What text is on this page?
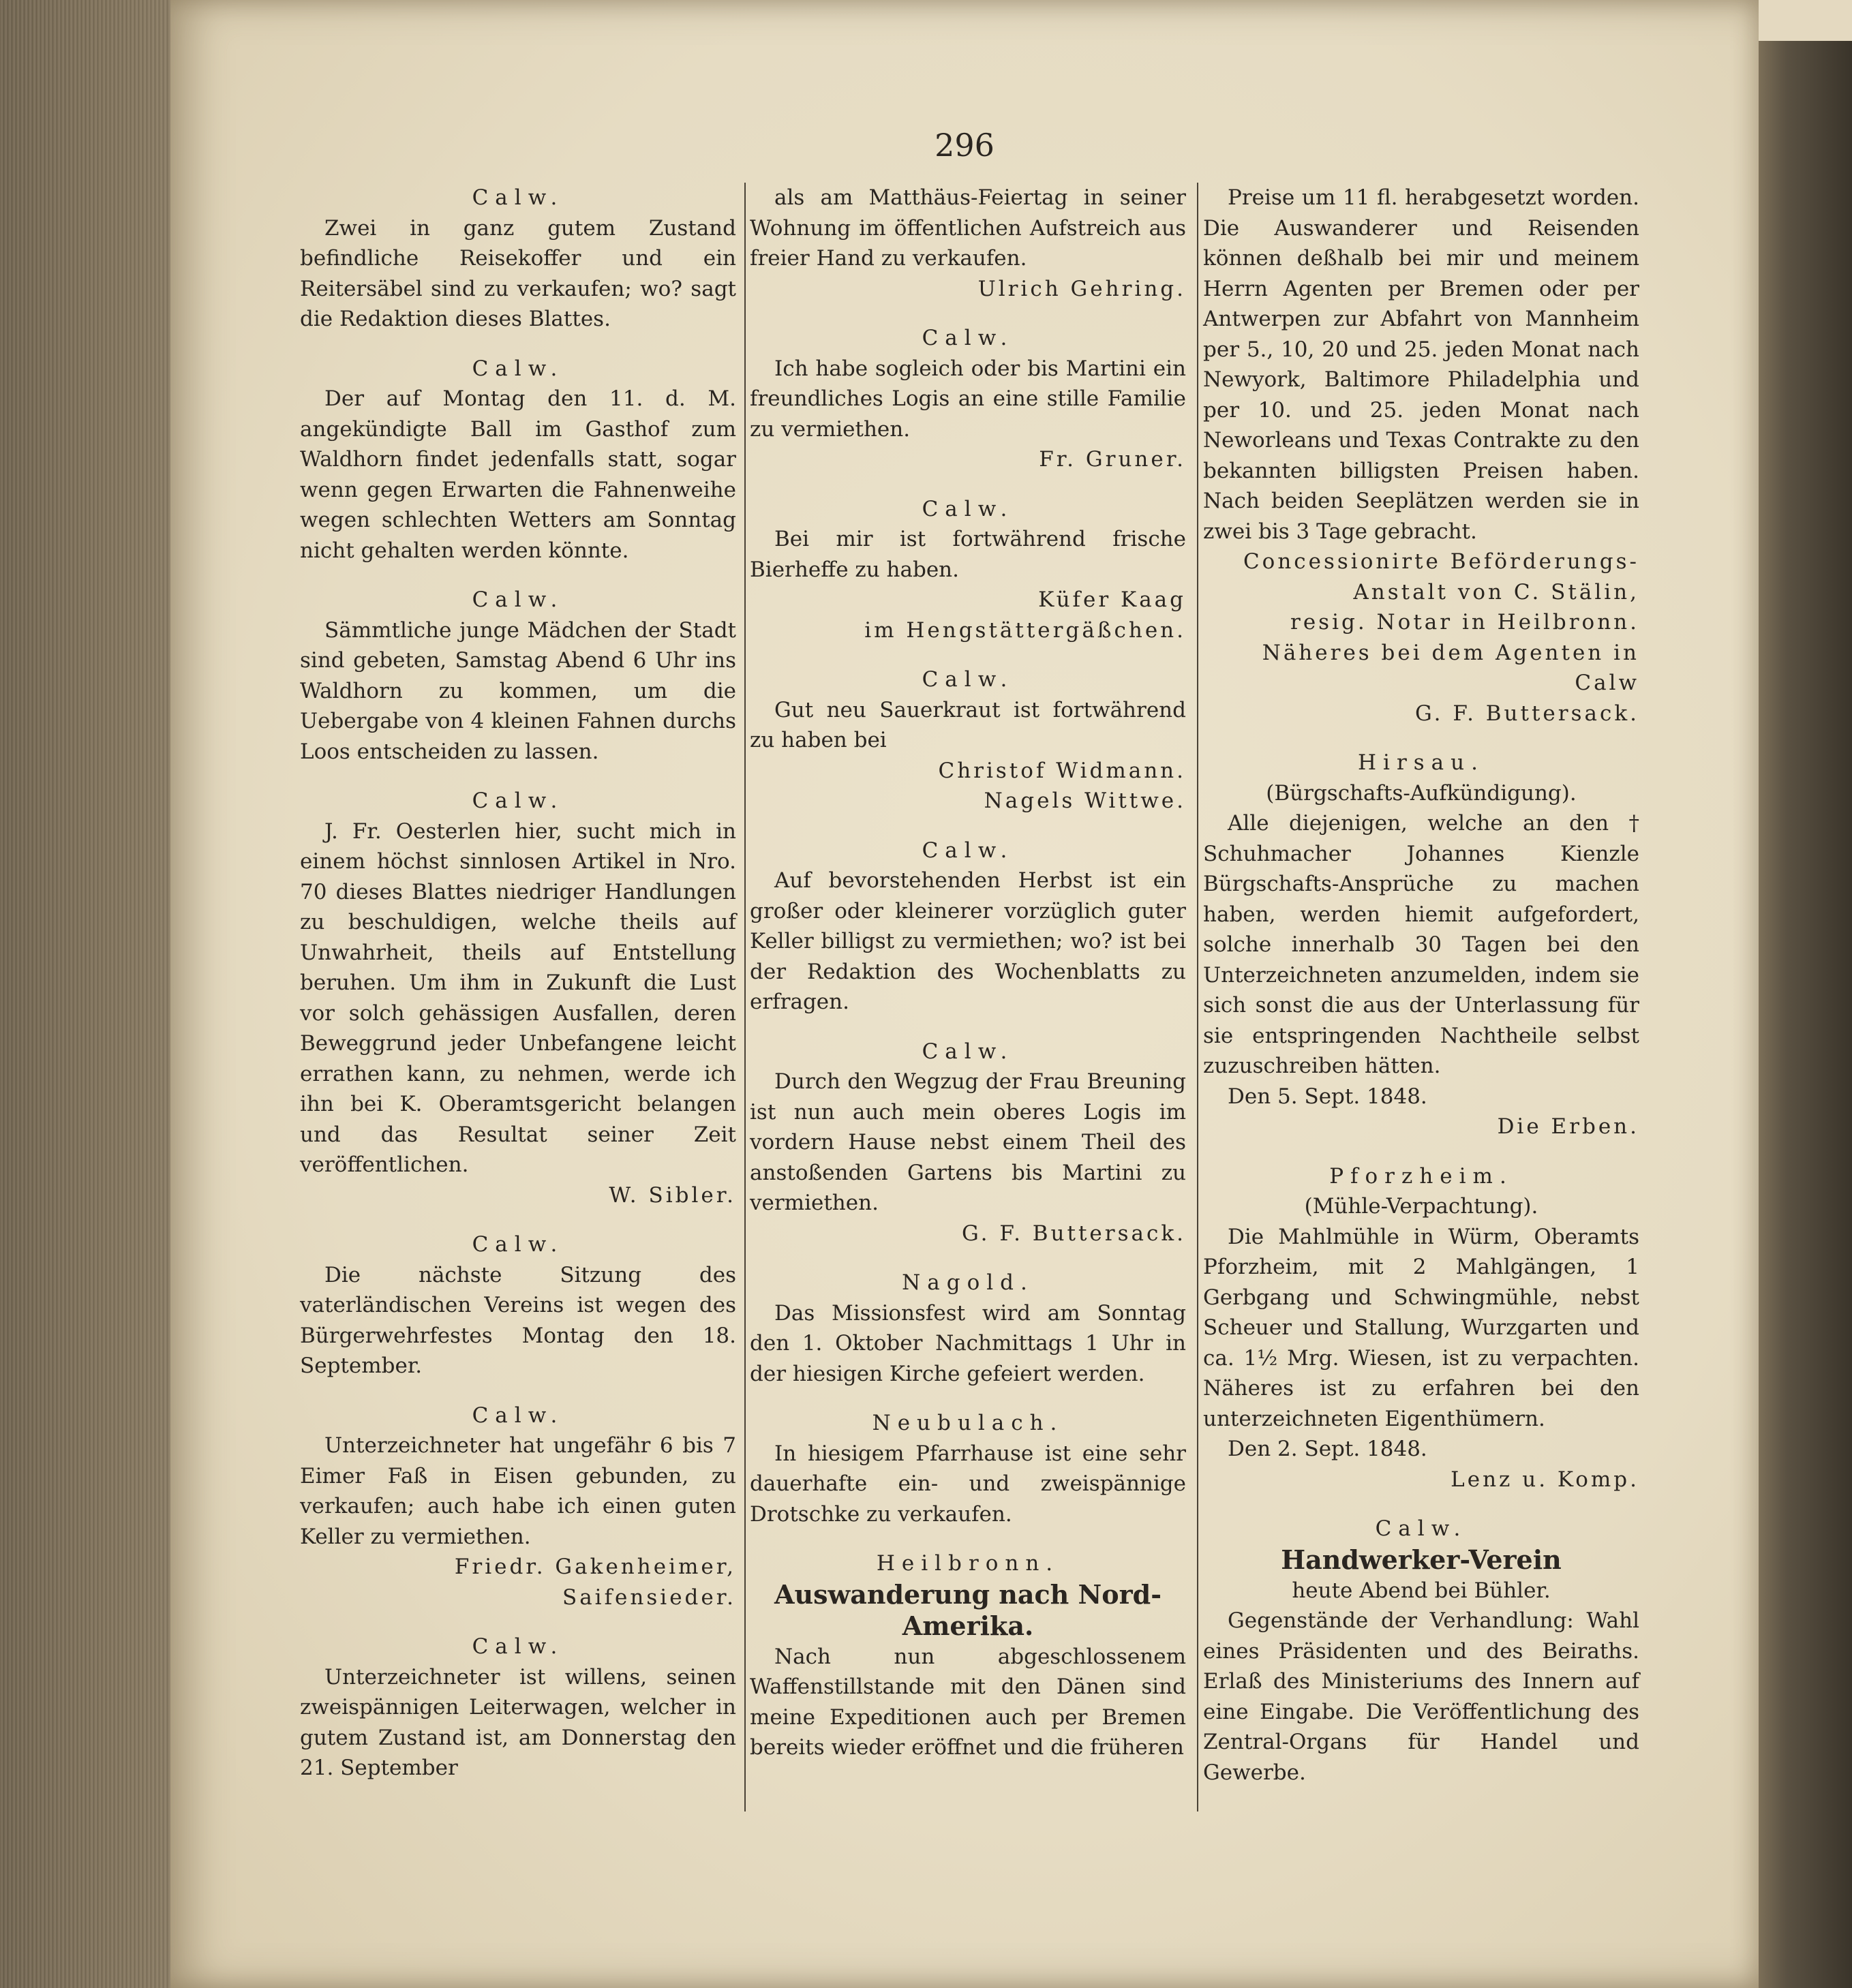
296

Calw.

Zwei in ganz gutem Zustand befindliche Reisekoffer und ein Reitersäbel sind zu verkaufen; wo? sagt die Redaktion dieses Blattes.

Calw.

Der auf Montag den 11. d. M. angekündigte Ball im Gasthof zum Waldhorn findet jedenfalls statt, sogar wenn gegen Erwarten die Fahnenweihe wegen schlechten Wetters am Sonntag nicht gehalten werden könnte.

Calw.

Sämmtliche junge Mädchen der Stadt sind gebeten, Samstag Abend 6 Uhr ins Waldhorn zu kommen, um die Uebergabe von 4 kleinen Fahnen durchs Loos entscheiden zu lassen.

Calw.

J. Fr. Oesterlen hier, sucht mich in einem höchst sinnlosen Artikel in Nro. 70 dieses Blattes niedriger Handlungen zu beschuldigen, welche theils auf Unwahrheit, theils auf Entstellung beruhen. Um ihm in Zukunft die Lust vor solch gehässigen Ausfallen, deren Beweggrund jeder Unbefangene leicht errathen kann, zu nehmen, werde ich ihn bei K. Oberamtsgericht belangen und das Resultat seiner Zeit veröffentlichen.

W. Sibler.

Calw.

Die nächste Sitzung des vaterländischen Vereins ist wegen des Bürgerwehrfestes Montag den 18. September.

Calw.

Unterzeichneter hat ungefähr 6 bis 7 Eimer Faß in Eisen gebunden, zu verkaufen; auch habe ich einen guten Keller zu vermiethen.

Friedr. Gakenheimer,

Saifensieder.

Calw.

Unterzeichneter ist willens, seinen zweispännigen Leiterwagen, welcher in gutem Zustand ist, am Donnerstag den 21. September

als am Matthäus-Feiertag in seiner Wohnung im öffentlichen Aufstreich aus freier Hand zu verkaufen.

Ulrich Gehring.

Calw.

Ich habe sogleich oder bis Martini ein freundliches Logis an eine stille Familie zu vermiethen.

Fr. Gruner.

Calw.

Bei mir ist fortwährend frische Bierheffe zu haben.

Küfer Kaag

im Hengstättergäßchen.

Calw.

Gut neu Sauerkraut ist fortwährend zu haben bei

Christof Widmann.

Nagels Wittwe.

Calw.

Auf bevorstehenden Herbst ist ein großer oder kleinerer vorzüglich guter Keller billigst zu vermiethen; wo? ist bei der Redaktion des Wochenblatts zu erfragen.

Calw.

Durch den Wegzug der Frau Breuning ist nun auch mein oberes Logis im vordern Hause nebst einem Theil des anstoßenden Gartens bis Martini zu vermiethen.

G. F. Buttersack.

Nagold.

Das Missionsfest wird am Sonntag den 1. Oktober Nachmittags 1 Uhr in der hiesigen Kirche gefeiert werden.

Neubulach.

In hiesigem Pfarrhause ist eine sehr dauerhafte ein- und zweispännige Drotschke zu verkaufen.

Heilbronn.

Auswanderung nach Nord-Amerika.

Nach nun abgeschlossenem Waffenstillstande mit den Dänen sind meine Expeditionen auch per Bremen bereits wieder eröffnet und die früheren

Preise um 11 fl. herabgesetzt worden. Die Auswanderer und Reisenden können deßhalb bei mir und meinem Herrn Agenten per Bremen oder per Antwerpen zur Abfahrt von Mannheim per 5., 10, 20 und 25. jeden Monat nach Newyork, Baltimore Philadelphia und per 10. und 25. jeden Monat nach Neworleans und Texas Contrakte zu den bekannten billigsten Preisen haben. Nach beiden Seeplätzen werden sie in zwei bis 3 Tage gebracht.

Concessionirte Beförderungs-

Anstalt von C. Stälin,

resig. Notar in Heilbronn.

Näheres bei dem Agenten in Calw

G. F. Buttersack.

Hirsau.

(Bürgschafts-Aufkündigung).

Alle diejenigen, welche an den † Schuhmacher Johannes Kienzle Bürgschafts-Ansprüche zu machen haben, werden hiemit aufgefordert, solche innerhalb 30 Tagen bei den Unterzeichneten anzumelden, indem sie sich sonst die aus der Unterlassung für sie entspringenden Nachtheile selbst zuzuschreiben hätten.

Den 5. Sept. 1848.

Die Erben.

Pforzheim.

(Mühle-Verpachtung).

Die Mahlmühle in Würm, Oberamts Pforzheim, mit 2 Mahlgängen, 1 Gerbgang und Schwingmühle, nebst Scheuer und Stallung, Wurzgarten und ca. 1½ Mrg. Wiesen, ist zu verpachten. Näheres ist zu erfahren bei den unterzeichneten Eigenthümern.

Den 2. Sept. 1848.

Lenz u. Komp.

Calw.

Handwerker-Verein

heute Abend bei Bühler.

Gegenstände der Verhandlung: Wahl eines Präsidenten und des Beiraths. Erlaß des Ministeriums des Innern auf eine Eingabe. Die Veröffentlichung des Zentral-Organs für Handel und Gewerbe.
